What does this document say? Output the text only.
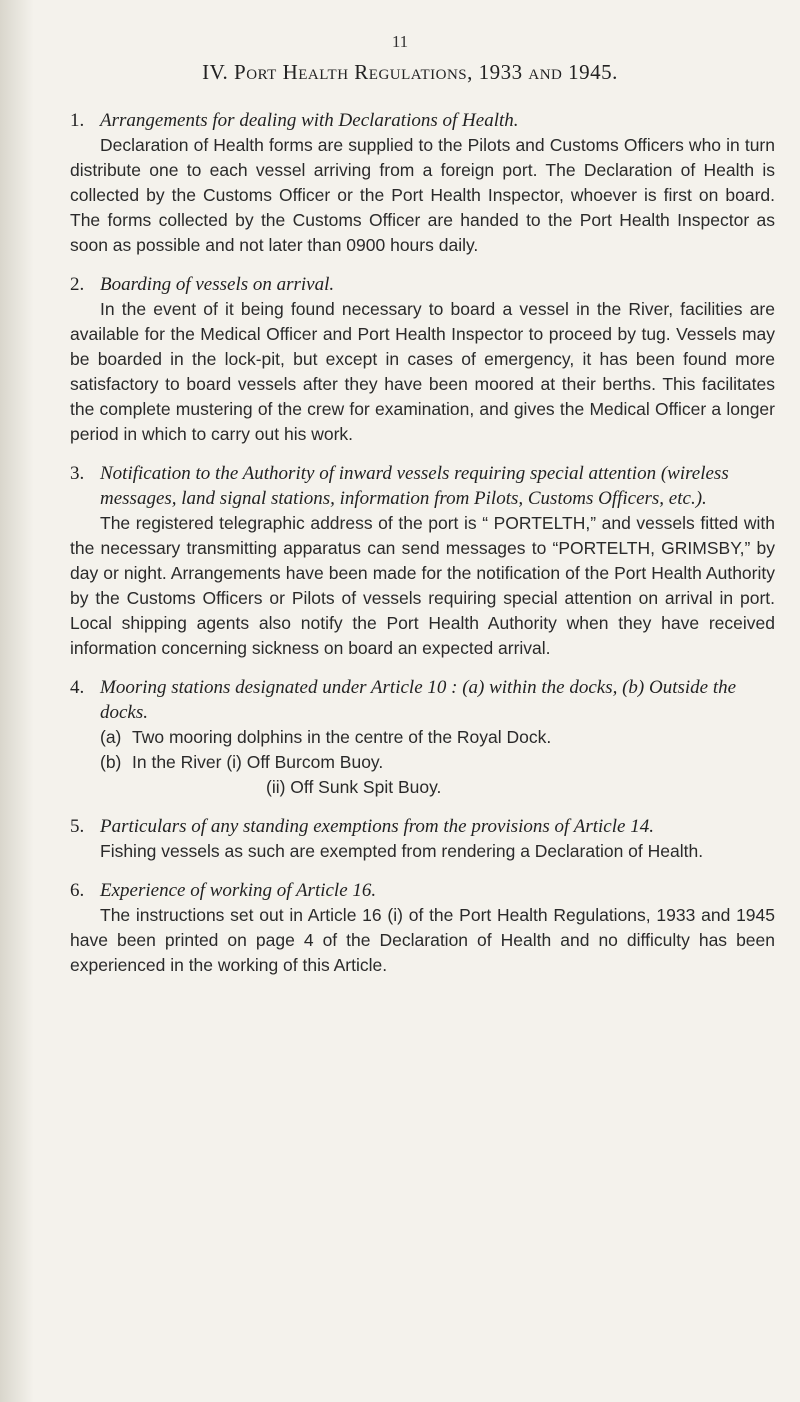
11
IV. Port Health Regulations, 1933 and 1945.
1. Arrangements for dealing with Declarations of Health.
Declaration of Health forms are supplied to the Pilots and Customs Officers who in turn distribute one to each vessel arriving from a foreign port. The Declaration of Health is collected by the Customs Officer or the Port Health Inspector, whoever is first on board. The forms collected by the Customs Officer are handed to the Port Health Inspector as soon as possible and not later than 0900 hours daily.
2. Boarding of vessels on arrival.
In the event of it being found necessary to board a vessel in the River, facilities are available for the Medical Officer and Port Health Inspector to proceed by tug. Vessels may be boarded in the lock-pit, but except in cases of emergency, it has been found more satisfactory to board vessels after they have been moored at their berths. This facilitates the complete mustering of the crew for examination, and gives the Medical Officer a longer period in which to carry out his work.
3. Notification to the Authority of inward vessels requiring special attention (wireless messages, land signal stations, information from Pilots, Customs Officers, etc.).
The registered telegraphic address of the port is “ PORTELTH,” and vessels fitted with the necessary transmitting apparatus can send messages to “PORTELTH, GRIMSBY,” by day or night. Arrangements have been made for the notification of the Port Health Authority by the Customs Officers or Pilots of vessels requiring special attention on arrival in port. Local shipping agents also notify the Port Health Authority when they have received information concerning sickness on board an expected arrival.
4. Mooring stations designated under Article 10 : (a) within the docks, (b) Outside the docks.
(a) Two mooring dolphins in the centre of the Royal Dock.
(b) In the River (i) Off Burcom Buoy.
(ii) Off Sunk Spit Buoy.
5. Particulars of any standing exemptions from the provisions of Article 14.
Fishing vessels as such are exempted from rendering a Declaration of Health.
6. Experience of working of Article 16.
The instructions set out in Article 16 (i) of the Port Health Regulations, 1933 and 1945 have been printed on page 4 of the Declaration of Health and no difficulty has been experienced in the working of this Article.
